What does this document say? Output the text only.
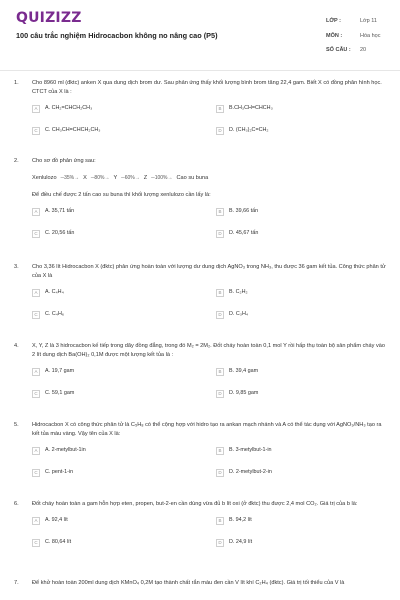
QUIZIZZ
100 câu trắc nghiệm Hidrocacbon không no nâng cao (P5)
LỚP :	Lớp 11
MÔN :	Hóa học
SỐ CÂU : 20
1.	Cho 8960 ml (đktc) anken X qua dung dịch brom dư. Sau phản ứng thấy khối lượng bình brom tăng 22,4 gam. Biết X có đồng phân hình học. CTCT của X là :
A	A. CH₂=CHCH₂CH₃	B	B.CH₃CH=CHCH₃
C	C. CH₃CH=CHCH₂CH₃	D	D. (CH₃)₂C=CH₂
2.	Cho sơ đồ phản ứng sau:
Xenlulozo ─35%→ X ─80%→ Y ─60%→ Z ─100%→ Cao su buna
Để điều chế được 2 tấn cao su buna thì khối lượng xenlulozo cần lấy là:
A	A. 35,71 tấn	B	B. 39,66 tấn
C	C. 20,56 tấn	D	D. 45,67 tấn
3.	Cho 3,36 lít Hidrocacbon X (đktc) phản ứng hoàn toàn với lượng dư dung dịch AgNO₃ trong NH₃, thu được 36 gam kết tủa. Công thức phân tử của X là
A	A. C₄H₄	B	B. C₂H₂
C	C. C₄H₆	D	D. C₃H₄
4.	X, Y, Z là 3 hidrocacbon kế tiếp trong dãy đồng đẳng, trong đó M₂ = 2M₂. Đốt cháy hoàn toàn 0,1 mol Y rồi hấp thụ toàn bộ sản phẩm cháy vào 2 lít dung dịch Ba(OH)₂ 0,1M được một lượng kết tủa là :
A	A. 19,7 gam	B	B. 39,4 gam
C	C. 59,1 gam	D	D. 9,85 gam
5.	Hidrocacbon X có công thức phân tử là C₅H₈ có thể cộng hợp với hidro tạo ra ankan mạch nhánh và A có thể tác dụng với AgNO₃/NH₃ tạo ra kết tủa màu vàng. Vậy tên của X là:
A	A. 2-metylbut-1in	B	B. 3-metylbut-1-in
C	C. pent-1-in	D	D. 2-metylbut-2-in
6.	Đốt cháy hoàn toàn a gam hỗn hợp eten, propen, but-2-en cần dùng vừa đủ b lít oxi (ở đktc) thu được 2,4 mol CO₂. Giá trị của b là:
A	A. 92,4 lít	B	B. 94,2 lít
C	C. 80,64 lít	D	D. 24,9 lít
7.	Để khử hoàn toàn 200ml dung dịch KMnO₄ 0,2M tạo thành chất rắn màu đen cần V lít khí C₂H₄ (đktc). Giá trị tối thiểu của V là
